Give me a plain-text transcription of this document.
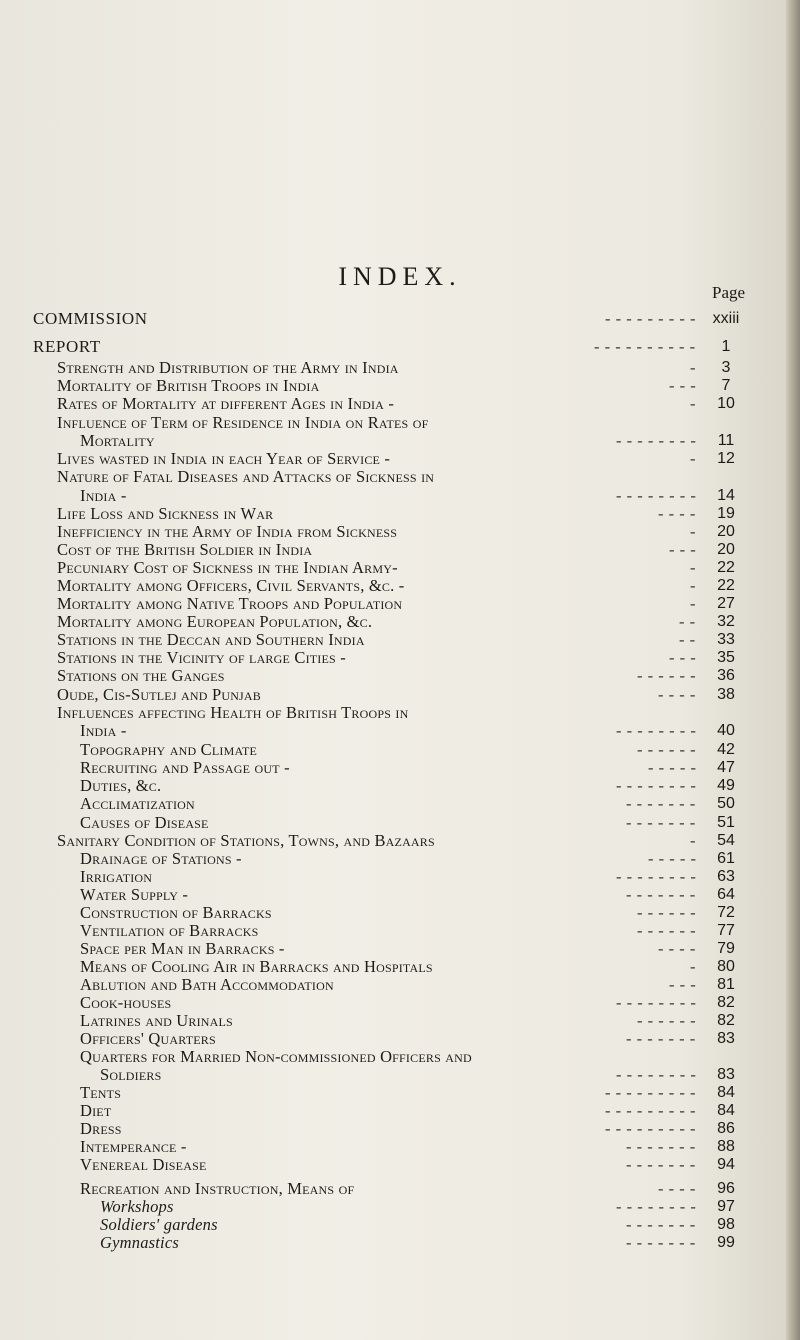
INDEX.
Page
COMMISSION	- - - - - - - - -	xxiii
REPORT	- - - - - - - - - -	1
Strength and Distribution of the Army in India	-	3
Mortality of British Troops in India	- - -	7
Rates of Mortality at different Ages in India -	-	10
Influence of Term of Residence in India on Rates of
Mortality	- - - - - - - -	11
Lives wasted in India in each Year of Service -	-	12
Nature of Fatal Diseases and Attacks of Sickness in
India -	- - - - - - - -	14
Life Loss and Sickness in War	- - - -	19
Inefficiency in the Army of India from Sickness	-	20
Cost of the British Soldier in India	- - -	20
Pecuniary Cost of Sickness in the Indian Army-	-	22
Mortality among Officers, Civil Servants, &c. -	-	22
Mortality among Native Troops and Population	-	27
Mortality among European Population, &c.	- -	32
Stations in the Deccan and Southern India	- -	33
Stations in the Vicinity of large Cities -	- - -	35
Stations on the Ganges	- - - - - -	36
Oude, Cis-Sutlej and Punjab	- - - -	38
Influences affecting Health of British Troops in
India -	- - - - - - - -	40
Topography and Climate	- - - - - -	42
Recruiting and Passage out -	- - - - -	47
Duties, &c.	- - - - - - - -	49
Acclimatization	- - - - - - -	50
Causes of Disease	- - - - - - -	51
Sanitary Condition of Stations, Towns, and Bazaars	-	54
Drainage of Stations -	- - - - -	61
Irrigation	- - - - - - - -	63
Water Supply -	- - - - - - -	64
Construction of Barracks	- - - - - -	72
Ventilation of Barracks	- - - - - -	77
Space per Man in Barracks -	- - - -	79
Means of Cooling Air in Barracks and Hospitals	-	80
Ablution and Bath Accommodation	- - -	81
Cook-houses	- - - - - - - -	82
Latrines and Urinals	- - - - - -	82
Officers' Quarters	- - - - - - -	83
Quarters for Married Non-commissioned Officers and
Soldiers	- - - - - - - -	83
Tents	- - - - - - - - -	84
Diet	- - - - - - - - -	84
Dress	- - - - - - - - -	86
Intemperance -	- - - - - - -	88
Venereal Disease	- - - - - - -	94
Recreation and Instruction, Means of	- - - -	96
Workshops	- - - - - - - -	97
Soldiers' gardens	- - - - - - -	98
Gymnastics	- - - - - - -	99
